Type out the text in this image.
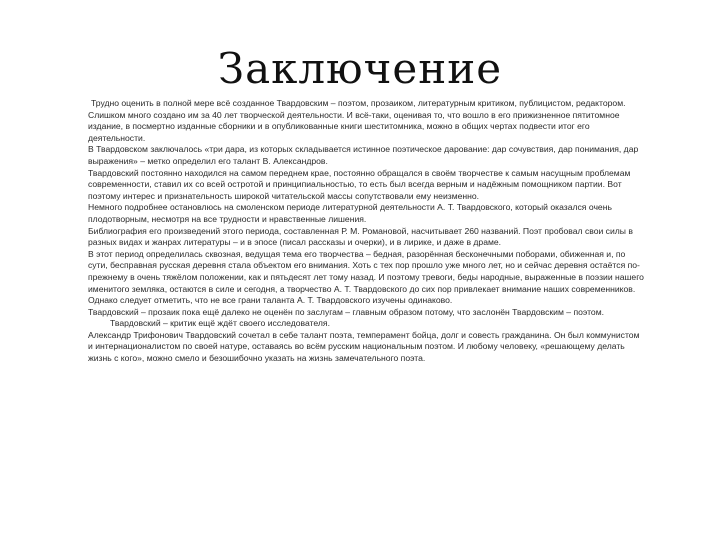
Заключение

Трудно оценить в полной мере всё созданное Твардовским – поэтом, прозаиком, литературным критиком, публицистом, редактором. Слишком много создано им за 40 лет творческой деятельности. И всё-таки, оценивая то, что вошло в его прижизненное пятитомное издание, в посмертно изданные сборники и в опубликованные книги шеститомника, можно в общих чертах подвести итог его деятельности.

В Твардовском заключалось «три дара, из которых складывается истинное поэтическое дарование: дар сочувствия, дар понимания, дар выражения» – метко определил его талант В. Александров.

Твардовский постоянно находился на самом переднем крае, постоянно обращался в своём творчестве к самым насущным проблемам современности, ставил их со всей остротой и принципиальностью, то есть был всегда верным и надёжным помощником партии. Вот поэтому интерес и признательность широкой читательской массы сопутствовали ему неизменно.

Немного подробнее остановлюсь на смоленском периоде литературной деятельности А. Т. Твардовского, который оказался очень плодотворным, несмотря на все трудности и нравственные лишения.

Библиография его произведений этого периода, составленная Р. М. Романовой, насчитывает 260 названий. Поэт пробовал свои силы в разных видах и жанрах литературы – и в эпосе (писал рассказы и очерки), и в лирике, и даже в драме.

В этот период определилась сквозная, ведущая тема его творчества – бедная, разорённая бесконечными поборами, обиженная и, по сути, бесправная русская деревня стала объектом его внимания. Хоть с тех пор прошло уже много лет, но и сейчас деревня остаётся по-прежнему в очень тяжёлом положении, как и пятьдесят лет тому назад. И поэтому тревоги, беды народные, выраженные в поэзии нашего именитого земляка, остаются в силе и сегодня, а творчество А. Т. Твардовского до сих пор привлекает внимание наших современников.

Однако следует отметить, что не все грани таланта А. Т. Твардовского изучены одинаково.

Твардовский – прозаик пока ещё далеко не оценён по заслугам – главным образом потому, что заслонён Твардовским – поэтом.

Твардовский – критик ещё ждёт своего исследователя.

Александр Трифонович Твардовский сочетал в себе талант поэта, темперамент бойца, долг и совесть гражданина. Он был коммунистом и интернационалистом по своей натуре, оставаясь во всём русским национальным поэтом. И любому человеку, «решающему делать жизнь с кого», можно смело и безошибочно указать на жизнь замечательного поэта.
